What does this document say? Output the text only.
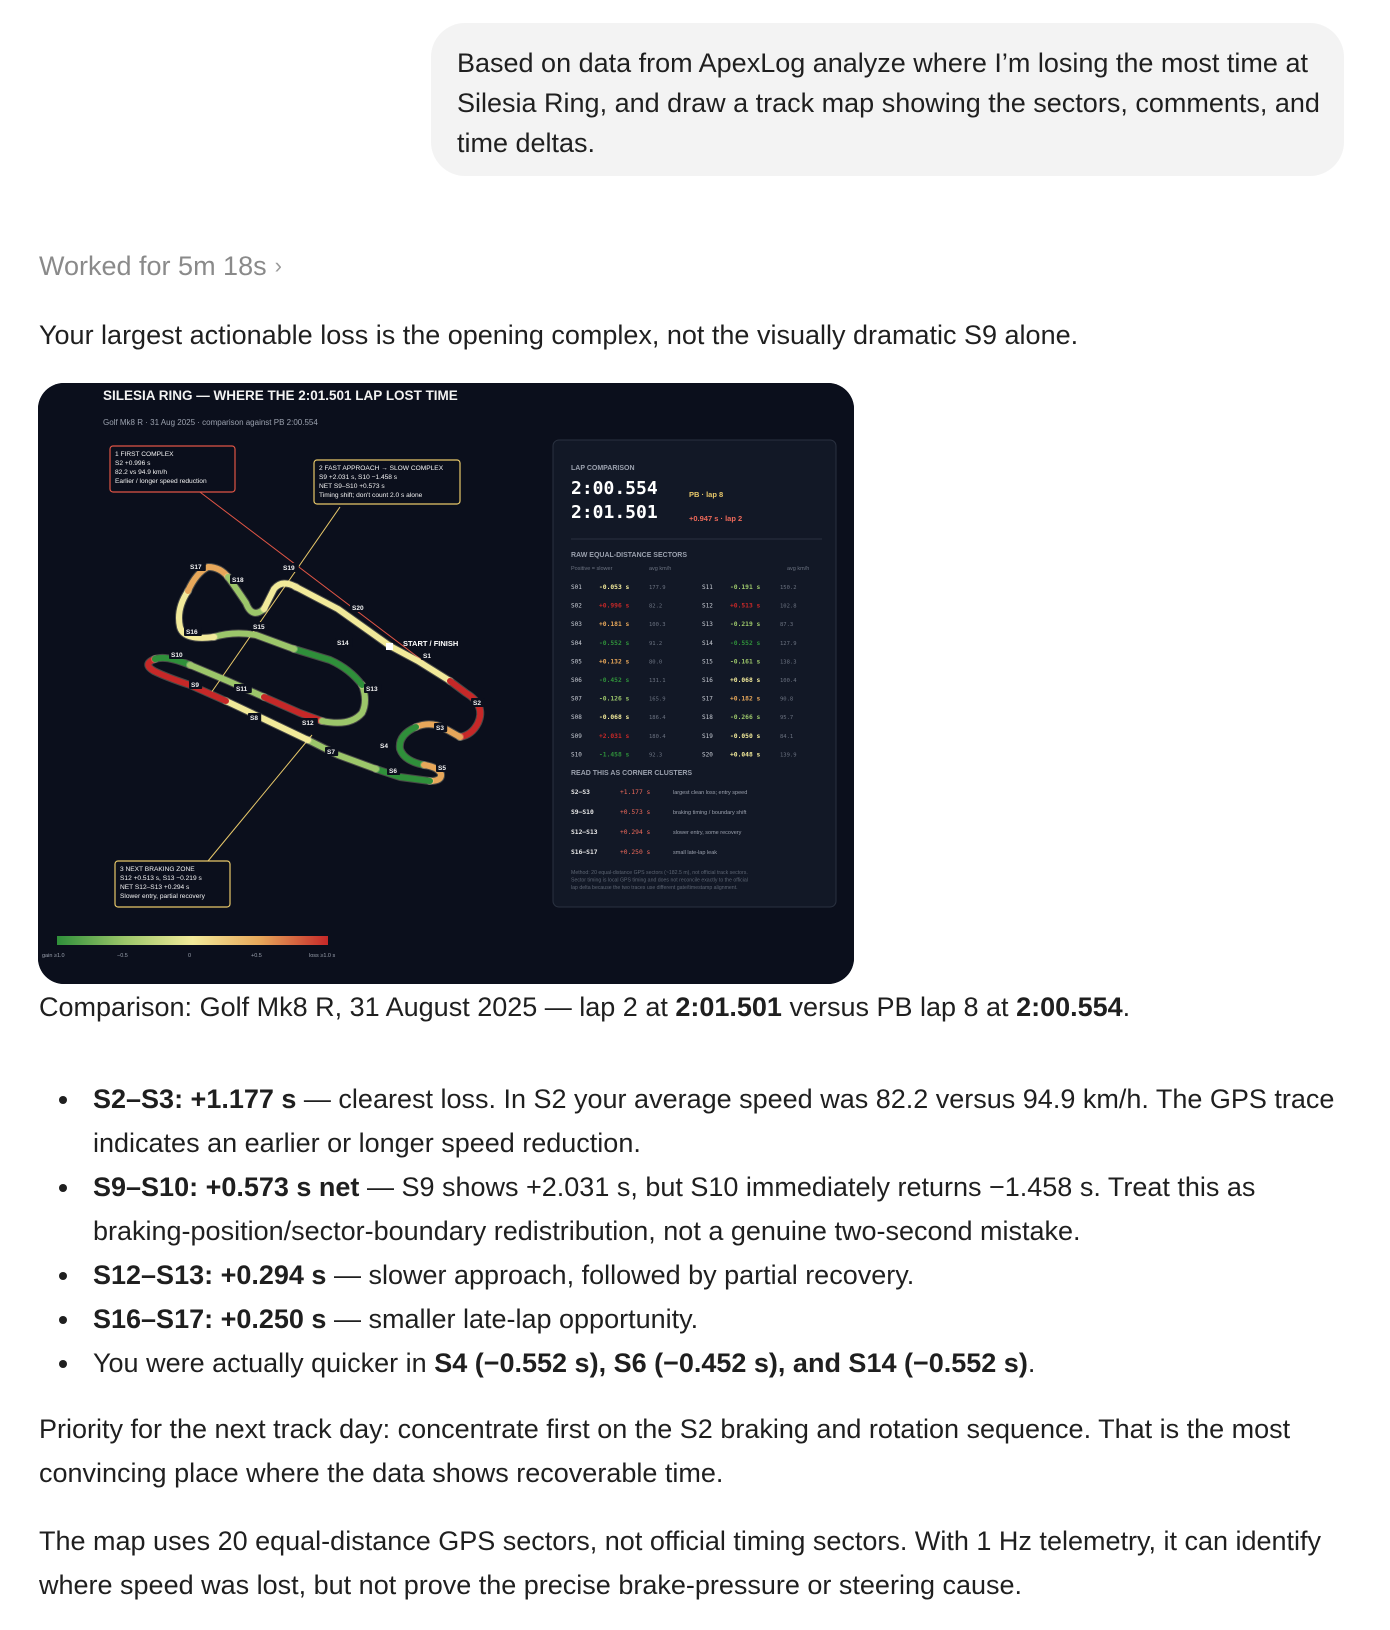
Based on data from ApexLog analyze where I’m losing the most time at Silesia Ring, and draw a track map showing the sectors, comments, and time deltas.
Worked for 5m 18s ›
Your largest actionable loss is the opening complex, not the visually dramatic S9 alone.
SILESIA RING — WHERE THE 2:01.501 LAP LOST TIME
Golf Mk8 R · 31 Aug 2025 · comparison against PB 2:00.554
START / FINISH
S1
S2
S3
S4
S5
S6
S7
S8
S9
S10
S11
S12
S13
S14
S15
S16
S17
S18
S19
S20
1 FIRST COMPLEX
S2 +0.996 s
82.2 vs 94.9 km/h
Earlier / longer speed reduction
2 FAST APPROACH → SLOW COMPLEX
S9 +2.031 s, S10 −1.458 s
NET S9–S10 +0.573 s
Timing shift; don't count 2.0 s alone
3 NEXT BRAKING ZONE
S12 +0.513 s, S13 −0.219 s
NET S12–S13 +0.294 s
Slower entry, partial recovery
LAP COMPARISON
2:00.554	PB · lap 8
2:01.501	+0.947 s · lap 2
RAW EQUAL-DISTANCE SECTORS
Positive = slower	avg km/h	avg km/h
S01	-0.053 s	177.9
S02	+0.996 s	82.2
S03	+0.181 s	100.3
S04	-0.552 s	91.2
S05	+0.132 s	80.0
S06	-0.452 s	131.1
S07	-0.126 s	165.9
S08	-0.068 s	186.4
S09	+2.031 s	180.4
S10	-1.458 s	92.3
S11	-0.191 s	150.2
S12	+0.513 s	102.8
S13	-0.219 s	87.3
S14	-0.552 s	127.9
S15	-0.161 s	138.3
S16	+0.068 s	100.4
S17	+0.182 s	90.8
S18	-0.266 s	95.7
S19	-0.050 s	84.1
S20	+0.048 s	139.9
READ THIS AS CORNER CLUSTERS
S2–S3	+1.177 s	largest clean loss; entry speed
S9–S10	+0.573 s	braking timing / boundary shift
S12–S13	+0.294 s	slower entry, some recovery
S16–S17	+0.250 s	small late-lap leak
Method: 20 equal-distance GPS sectors (~182.5 m), not official track sectors.
Sector timing is local GPS timing and does not reconcile exactly to the official
lap delta because the two traces use different gate/timestamp alignment.
gain ≥1.0	−0.5	0	+0.5	loss ≥1.0 s
Comparison: Golf Mk8 R, 31 August 2025 — lap 2 at 2:01.501 versus PB lap 8 at 2:00.554.
S2–S3: +1.177 s — clearest loss. In S2 your average speed was 82.2 versus 94.9 km/h. The GPS trace indicates an earlier or longer speed reduction.
S9–S10: +0.573 s net — S9 shows +2.031 s, but S10 immediately returns −1.458 s. Treat this as braking-position/sector-boundary redistribution, not a genuine two-second mistake.
S12–S13: +0.294 s — slower approach, followed by partial recovery.
S16–S17: +0.250 s — smaller late-lap opportunity.
You were actually quicker in S4 (−0.552 s), S6 (−0.452 s), and S14 (−0.552 s).
Priority for the next track day: concentrate first on the S2 braking and rotation sequence. That is the most convincing place where the data shows recoverable time.
The map uses 20 equal-distance GPS sectors, not official timing sectors. With 1 Hz telemetry, it can identify where speed was lost, but not prove the precise brake-pressure or steering cause.
